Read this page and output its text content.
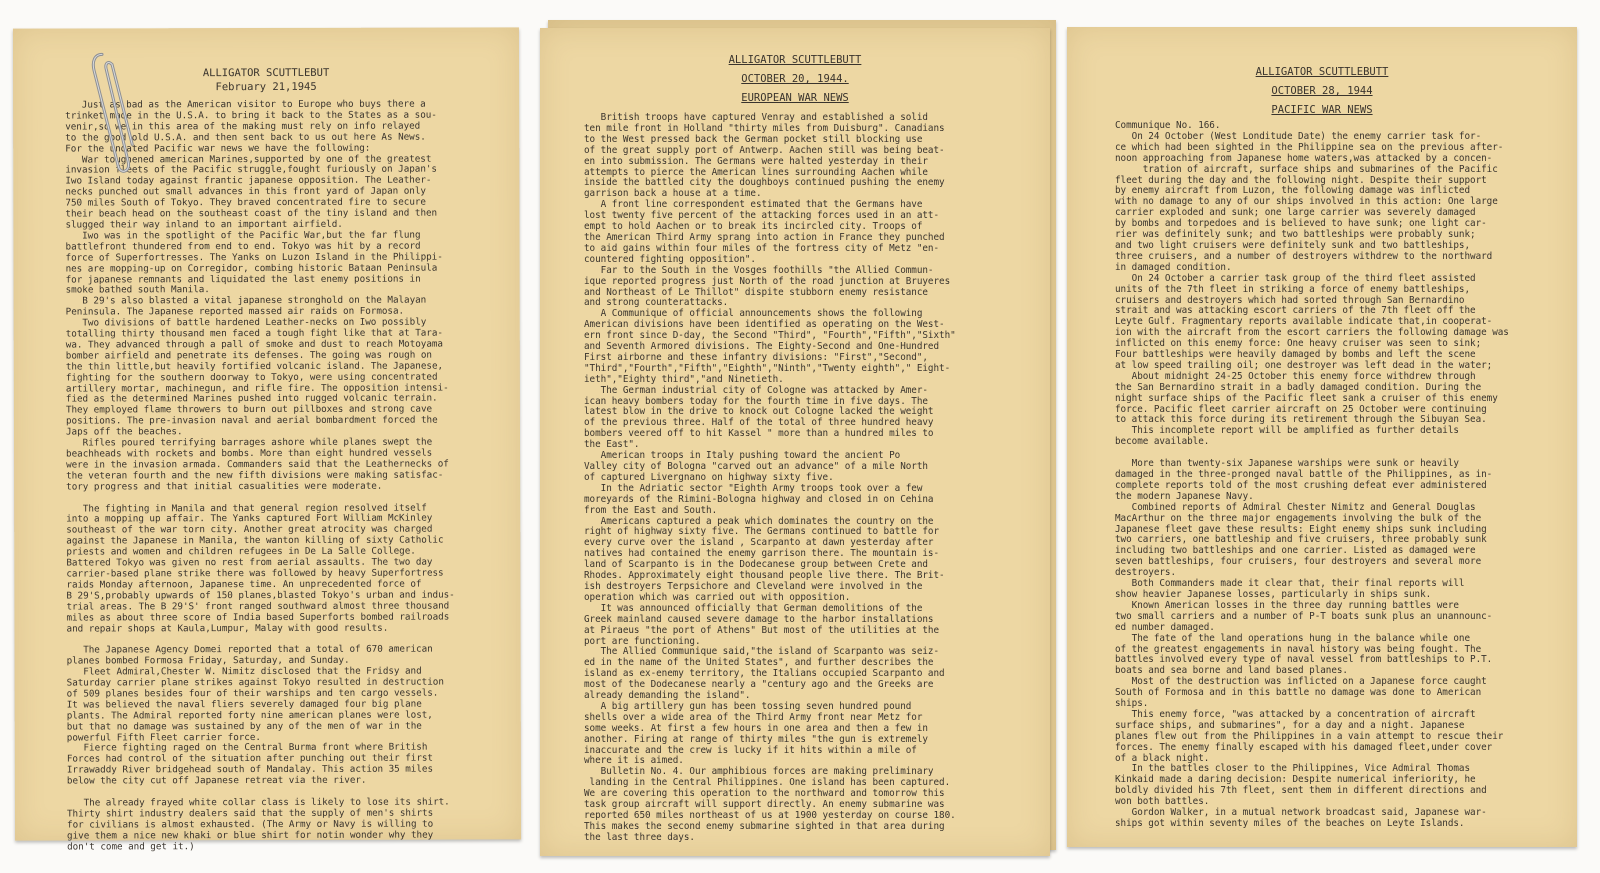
ALLIGATOR SCUTTLEBUT
February 21,1945
Just as bad as the American visitor to Europe who buys there a
trinket made in the U.S.A. to bring it back to the States as a sou-
venir,so we,in this area of the making must rely on info relayed
to the good old U.S.A. and then sent back to us out here As News.
For the undated Pacific war news we have the following:
War toughened american Marines,supported by one of the greatest
invasion fleets of the Pacific struggle,fought furiously on Japan's
Iwo Island today against frantic japanese opposition. The Leather-
necks punched out small advances in this front yard of Japan only
750 miles South of Tokyo. They braved concentrated fire to secure
their beach head on the southeast coast of the tiny island and then
slugged their way inland to an important airfield.
Iwo was in the spotlight of the Pacific War,but the far flung
battlefront thundered from end to end. Tokyo was hit by a record
force of Superfortresses. The Yanks on Luzon Island in the Philippi-
nes are mopping-up on Corregidor, combing historic Bataan Peninsula
for japanese remnants and liquidated the last enemy positions in
smoke bathed south Manila.
B 29's also blasted a vital japanese stronghold on the Malayan
Peninsula. The Japanese reported massed air raids on Formosa.
Two divisions of battle hardened Leather-necks on Iwo possibly
totalling thirty thousand men faced a tough fight like that at Tara-
wa. They advanced through a pall of smoke and dust to reach Motoyama
bomber airfield and penetrate its defenses. The going was rough on
the thin little,but heavily fortified volcanic island. The Japanese,
fighting for the southern doorway to Tokyo, were using concentrated
artillery mortar, machinegun, and rifle fire. The opposition intensi-
fied as the determined Marines pushed into rugged volcanic terrain.
They employed flame throwers to burn out pillboxes and strong cave
positions. The pre-invasion naval and aerial bombardment forced the
Japs off the beaches.
Rifles poured terrifying barrages ashore while planes swept the
beachheads with rockets and bombs. More than eight hundred vessels
were in the invasion armada. Commanders said that the Leathernecks of
the veteran fourth and the new fifth divisions were making satisfac-
tory progress and that initial casualities were moderate.

The fighting in Manila and that general region resolved itself
into a mopping up affair. The Yanks captured Fort William McKinley
southeast of the war torn city. Another great atrocity was charged
against the Japanese in Manila, the wanton killing of sixty Catholic
priests and women and children refugees in De La Salle College.
Battered Tokyo was given no rest from aerial assaults. The two day
carrier-based plane strike there was followed by heavy Superfortress
raids Monday afternoon, Japanese time. An unprecedented force of
B 29'S,probably upwards of 150 planes,blasted Tokyo's urban and indus-
trial areas. The B 29'S' front ranged southward almost three thousand
miles as about three score of India based Superforts bombed railroads
and repair shops at Kaula,Lumpur, Malay with good results.

The Japanese Agency Domei reported that a total of 670 american
planes bombed Formosa Friday, Saturday, and Sunday.
Fleet Admiral,Chester W. Nimitz disclosed that the Fridsy and
Saturday carrier plane strikes against Tokyo resulted in destruction
of 509 planes besides four of their warships and ten cargo vessels.
It was believed the naval fliers severely damaged four big plane
plants. The Admiral reported forty nine american planes were lost,
but that no damage was sustained by any of the men of war in the
powerful Fifth Fleet carrier force.
Fierce fighting raged on the Central Burma front where British
Forces had control of the situation after punching out their first
Irrawaddy River bridgehead south of Mandalay. This action 35 miles
below the city cut off Japanese retreat via the river.

The already frayed white collar class is likely to lose its shirt.
Thirty shirt industry dealers said that the supply of men's shirts
for civilians is almost exhausted. (The Army or Navy is willing to
give them a nice new khaki or blue shirt for notin wonder why they
don't come and get it.)
ALLIGATOR SCUTTLEBUTT
OCTOBER 20, 1944.
EUROPEAN WAR NEWS
British troops have captured Venray and established a solid
ten mile front in Holland "thirty miles from Duisburg". Canadians
to the West pressed back the German pocket still blocking use
of the great supply port of Antwerp. Aachen still was being beat-
en into submission. The Germans were halted yesterday in their
attempts to pierce the American lines surrounding Aachen while
inside the battled city the doughboys continued pushing the enemy
garrison back a house at a time.
A front line correspondent estimated that the Germans have
lost twenty five percent of the attacking forces used in an att-
empt to hold Aachen or to break its incircled city. Troops of
the American Third Army sprang into action in France they punched
to aid gains within four miles of the fortress city of Metz "en-
countered fighting opposition".
Far to the South in the Vosges foothills "the Allied Commun-
ique reported progress just North of the road junction at Bruyeres
and Northeast of Le Thillot" dispite stubborn enemy resistance
and strong counterattacks.
A Communique of official announcements shows the following
American divisions have been identified as operating on the West-
ern front since D-day, the Second "Third", "Fourth","Fifth","Sixth"
and Seventh Armored divisions. The Eighty-Second and One-Hundred
First airborne and these infantry divisions: "First","Second",
"Third","Fourth","Fifth","Eighth","Ninth","Twenty eighth"," Eight-
ieth","Eighty third","and Ninetieth.
The German industrial city of Cologne was attacked by Amer-
ican heavy bombers today for the fourth time in five days. The
latest blow in the drive to knock out Cologne lacked the weight
of the previous three. Half of the total of three hundred heavy
bombers veered off to hit Kassel " more than a hundred miles to
the East".
American troops in Italy pushing toward the ancient Po
Valley city of Bologna "carved out an advance" of a mile North
of captured Livergnano on highway sixty five.
In the Adriatic sector "Eighth Army troops took over a few
moreyards of the Rimini-Bologna highway and closed in on Cehina
from the East and South.
Americans captured a peak which dominates the country on the
right of highway sixty five. The Germans continued to battle for
every curve over the island , Scarpanto at dawn yesterday after
natives had contained the enemy garrison there. The mountain is-
land of Scarpanto is in the Dodecanese group between Crete and
Rhodes. Approximately eight thousand people live there. The Brit-
ish destroyers Terpsichore and Cleveland were involved in the
operation which was carried out with opposition.
It was announced officially that German demolitions of the
Greek mainland caused severe damage to the harbor installations
at Piraeus "the port of Athens" But most of the utilities at the
port are functioning.
The Allied Communique said,"the island of Scarpanto was seiz-
ed in the name of the United States", and further describes the
island as ex-enemy territory, the Italians occupied Scarpanto and
most of the Dodecanese nearly a "century ago and the Greeks are
already demanding the island".
A big artillery gun has been tossing seven hundred pound
shells over a wide area of the Third Army front near Metz for
some weeks. At first a few hours in one area and then a few in
another. Firing at range of thirty miles "the gun is extremely
inaccurate and the crew is lucky if it hits within a mile of
where it is aimed.
Bulletin No. 4. Our amphibious forces are making preliminary
landing in the Central Philippines. One island has been captured.
We are covering this operation to the northward and tomorrow this
task group aircraft will support directly. An enemy submarine was
reported 650 miles northeast of us at 1900 yesterday on course 180.
This makes the second enemy submarine sighted in that area during
the last three days.
ALLIGATOR SCUTTLEBUTT
OCTOBER 28, 1944
PACIFIC WAR NEWS
Communique No. 166.
On 24 October (West Londitude Date) the enemy carrier task for-
ce which had been sighted in the Philippine sea on the previous after-
noon approaching from Japanese home waters,was attacked by a concen-
tration of aircraft, surface ships and submarines of the Pacific
fleet during the day and the following night. Despite their support
by enemy aircraft from Luzon, the following damage was inflicted
with no damage to any of our ships involved in this action: One large
carrier exploded and sunk; one large carrier was severely damaged
by bombs and torpedoes and is believed to have sunk; one light car-
rier was definitely sunk; and two battleships were probably sunk;
and two light cruisers were definitely sunk and two battleships,
three cruisers, and a number of destroyers withdrew to the northward
in damaged condition.
On 24 October a carrier task group of the third fleet assisted
units of the 7th fleet in striking a force of enemy battleships,
cruisers and destroyers which had sorted through San Bernardino
strait and was attacking escort carriers of the 7th fleet off the
Leyte Gulf. Fragmentary reports available indicate that,in cooperat-
ion with the aircraft from the escort carriers the following damage was
inflicted on this enemy force: One heavy cruiser was seen to sink;
Four battleships were heavily damaged by bombs and left the scene
at low speed trailing oil; one destroyer was left dead in the water;
About midnight 24-25 October this enemy force withdrew through
the San Bernardino strait in a badly damaged condition. During the
night surface ships of the Pacific fleet sank a cruiser of this enemy
force. Pacific fleet carrier aircraft on 25 October were continuing
to attack this force during its retirement through the Sibuyan Sea.
This incomplete report will be amplified as further details
become available.

More than twenty-six Japanese warships were sunk or heavily
damaged in the three-pronged naval battle of the Philippines, as in-
complete reports told of the most crushing defeat ever administered
the modern Japanese Navy.
Combined reports of Admiral Chester Nimitz and General Douglas
MacArthur on the three major engagements involving the bulk of the
Japanese fleet gave these results: Eight enemy ships sunk including
two carriers, one battleship and five cruisers, three probably sunk
including two battleships and one carrier. Listed as damaged were
seven battleships, four cruisers, four destroyers and several more
destroyers.
Both Commanders made it clear that, their final reports will
show heavier Japanese losses, particularly in ships sunk.
Known American losses in the three day running battles were
two small carriers and a number of P-T boats sunk plus an unannounc-
ed number damaged.
The fate of the land operations hung in the balance while one
of the greatest engagements in naval history was being fought. The
battles involved every type of naval vessel from battleships to P.T.
boats and sea borne and land based planes.
Most of the destruction was inflicted on a Japanese force caught
South of Formosa and in this battle no damage was done to American
ships.
This enemy force, "was attacked by a concentration of aircraft
surface ships, and submarines", for a day and a night. Japanese
planes flew out from the Philippines in a vain attempt to rescue their
forces. The enemy finally escaped with his damaged fleet,under cover
of a black night.
In the battles closer to the Philippines, Vice Admiral Thomas
Kinkaid made a daring decision: Despite numerical inferiority, he
boldly divided his 7th fleet, sent them in different directions and
won both battles.
Gordon Walker, in a mutual network broadcast said, Japanese war-
ships got within seventy miles of the beaches on Leyte Islands.
